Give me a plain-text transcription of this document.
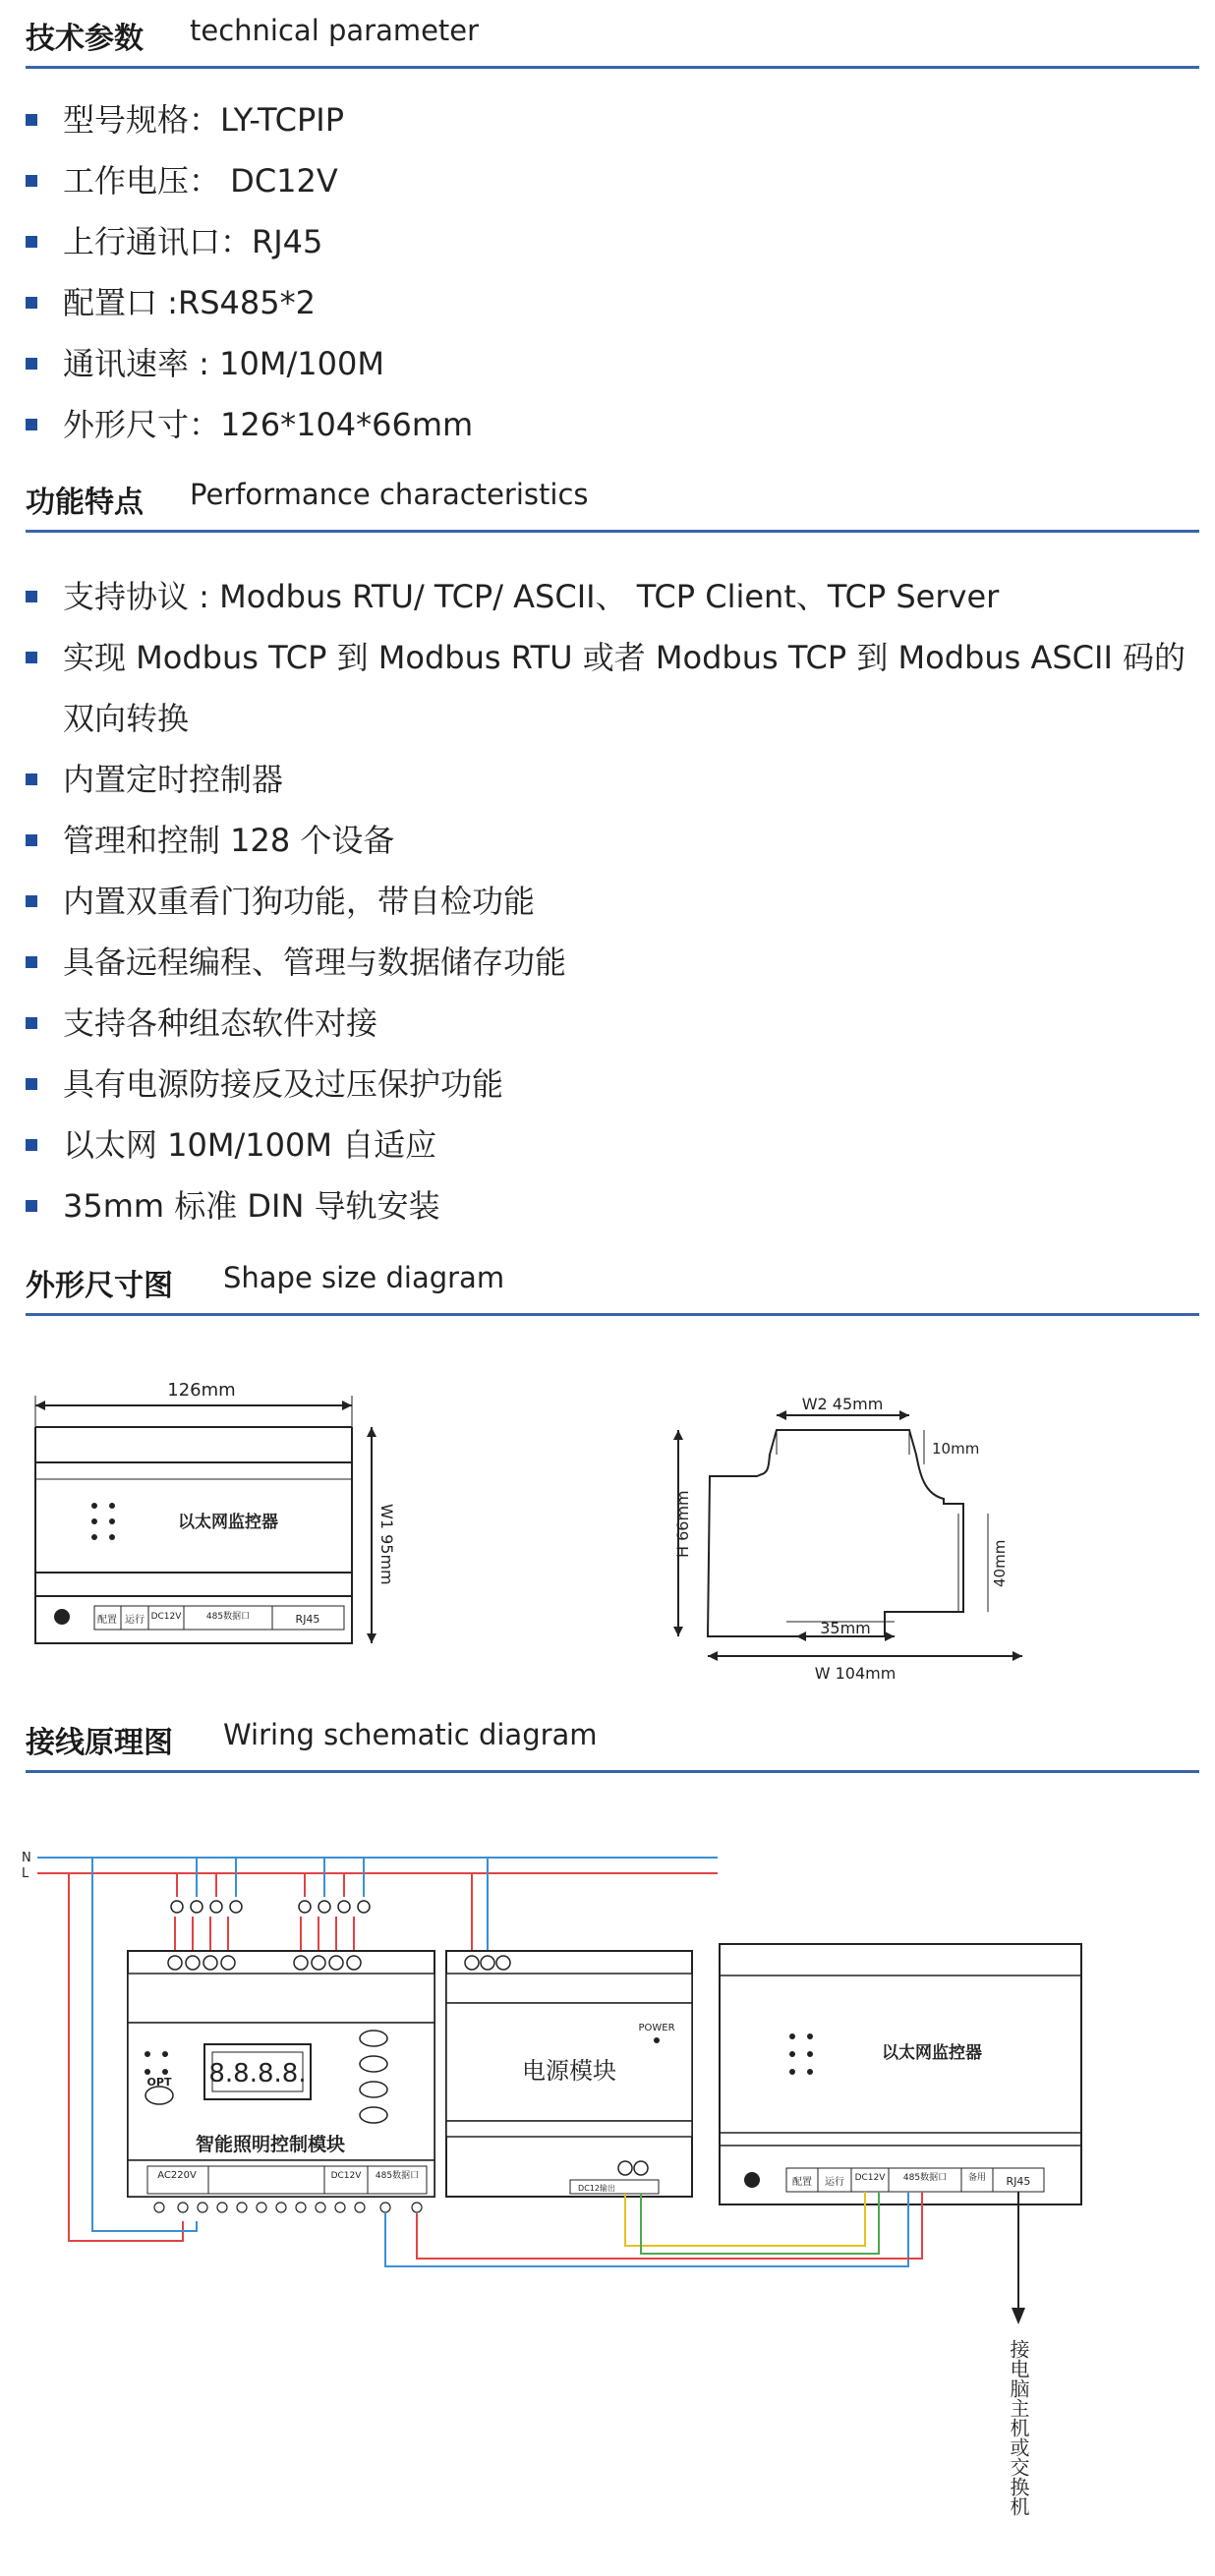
技术参数 technical parameter
型号规格：LY-TCPIP
工作电压： DC12V
上行通讯口：RJ45
配置口 :RS485*2
通讯速率 : 10M/100M
外形尺寸：126*104*66mm
功能特点 Performance characteristics
支持协议 : Modbus RTU/ TCP/ ASCII、 TCP Client、TCP Server
实现 Modbus TCP 到 Modbus RTU 或者 Modbus TCP 到 Modbus ASCII 码的双向转换
内置定时控制器
管理和控制 128 个设备
内置双重看门狗功能，带自检功能
具备远程编程、管理与数据储存功能
支持各种组态软件对接
具有电源防接反及过压保护功能
以太网 10M/100M 自适应
35mm 标准 DIN 导轨安装
外形尺寸图 Shape size diagram
126mm
W1 95mm
以太网监控器
配置 运行 DC12V	485数据口	RJ45
W2 45mm
10mm
H 66mm
40mm
35mm
W 104mm
接线原理图 Wiring schematic diagram
N
L
8.8.8.8.
OPT
智能照明控制模块
AC220V	DC12V 485数据口
POWER
电源模块
DC12输出
以太网监控器
配置 运行 DC12V 485数据口 备用 RJ45
接电脑主机或交换机
